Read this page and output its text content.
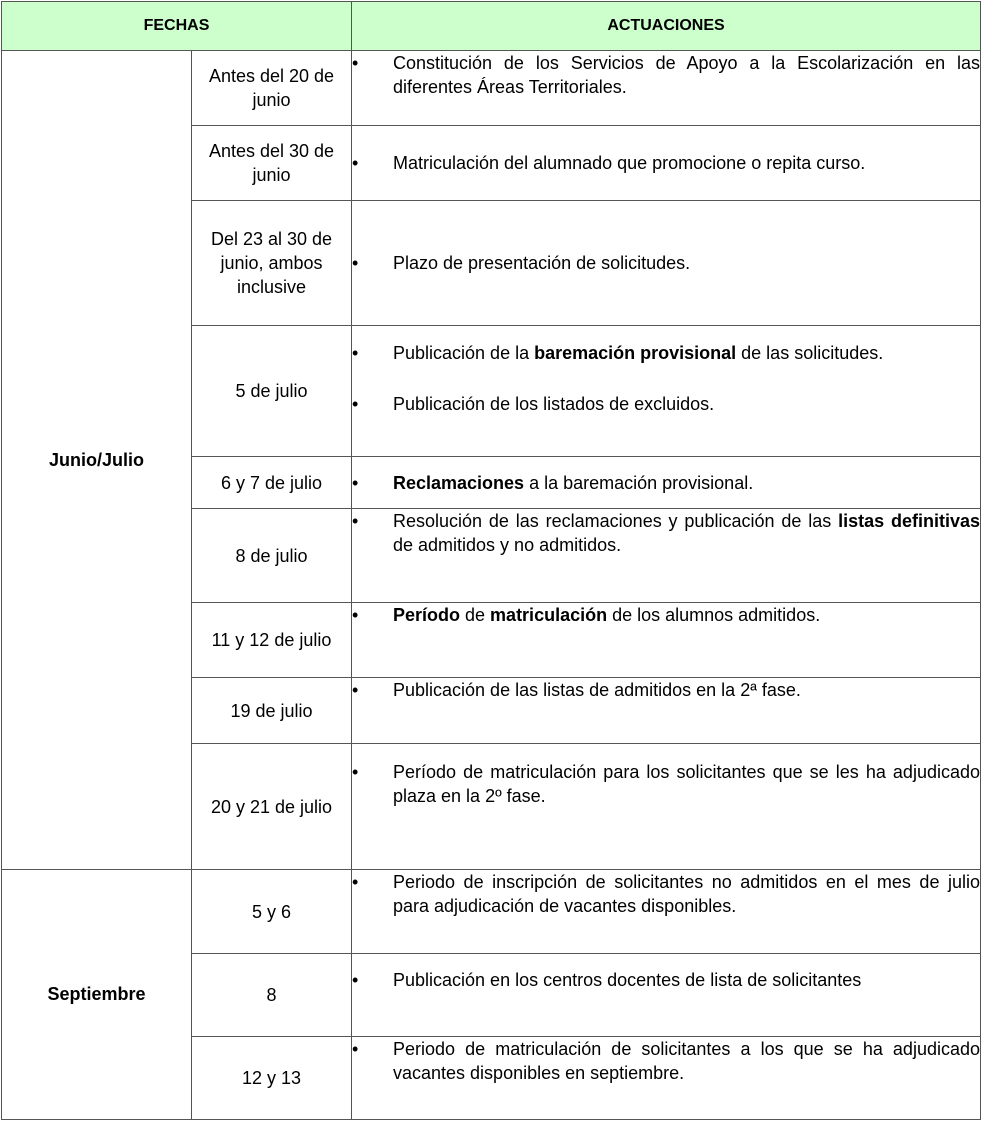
FECHAS		ACTUACIONES
Junio/Julio	Antes del 20 de junio	• Constitución de los Servicios de Apoyo a la Escolarización en las diferentes Áreas Territoriales.

	Antes del 30 de junio	• Matriculación del alumnado que promocione o repita curso.

	Del 23 al 30 de junio, ambos inclusive	• Plazo de presentación de solicitudes.

	5 de julio	• Publicación de la baremación provisional de las solicitudes.
• Publicación de los listados de excluidos.

	6 y 7 de julio	• Reclamaciones a la baremación provisional.

	8 de julio	• Resolución de las reclamaciones y publicación de las listas definitivas de admitidos y no admitidos.

	11 y 12 de julio	• Período de matriculación de los alumnos admitidos.

	19 de julio	• Publicación de las listas de admitidos en la 2ª fase.

	20 y 21 de julio	• Período de matriculación para los solicitantes que se les ha adjudicado plaza en la 2º fase.

Septiembre	5 y 6	• Periodo de inscripción de solicitantes no admitidos en el mes de julio para adjudicación de vacantes disponibles.

	8	• Publicación en los centros docentes de lista de solicitantes

	12 y 13	• Periodo de matriculación de solicitantes a los que se ha adjudicado vacantes disponibles en septiembre.
